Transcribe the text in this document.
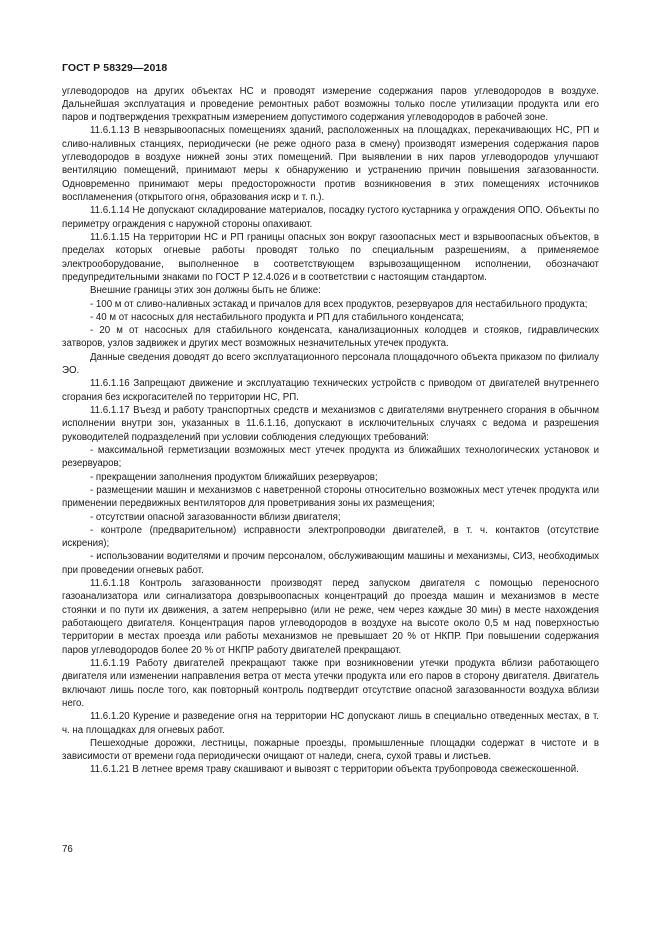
ГОСТ Р 58329—2018

углеводородов на других объектах НС и проводят измерение содержания паров углеводородов в воздухе. Дальнейшая эксплуатация и проведение ремонтных работ возможны только после утилизации продукта или его паров и подтверждения трехкратным измерением допустимого содержания углеводородов в рабочей зоне.

11.6.1.13 В невзрывоопасных помещениях зданий, расположенных на площадках, перекачивающих НС, РП и сливо-наливных станциях, периодически (не реже одного раза в смену) производят измерения содержания паров углеводородов в воздухе нижней зоны этих помещений. При выявлении в них паров углеводородов улучшают вентиляцию помещений, принимают меры к обнаружению и устранению причин повышения загазованности. Одновременно принимают меры предосторожности против возникновения в этих помещениях источников воспламенения (открытого огня, образования искр и т. п.).

11.6.1.14 Не допускают складирование материалов, посадку густого кустарника у ограждения ОПО. Объекты по периметру ограждения с наружной стороны опахивают.

11.6.1.15 На территории НС и РП границы опасных зон вокруг газоопасных мест и взрывоопасных объектов, в пределах которых огневые работы проводят только по специальным разрешениям, а применяемое электрооборудование, выполненное в соответствующем взрывозащищенном исполнении, обозначают предупредительными знаками по ГОСТ Р 12.4.026 и в соответствии с настоящим стандартом.

Внешние границы этих зон должны быть не ближе:

- 100 м от сливо-наливных эстакад и причалов для всех продуктов, резервуаров для нестабильного продукта;

- 40 м от насосных для нестабильного продукта и РП для стабильного конденсата;

- 20 м от насосных для стабильного конденсата, канализационных колодцев и стояков, гидравлических затворов, узлов задвижек и других мест возможных незначительных утечек продукта.

Данные сведения доводят до всего эксплуатационного персонала площадочного объекта приказом по филиалу ЭО.

11.6.1.16 Запрещают движение и эксплуатацию технических устройств с приводом от двигателей внутреннего сгорания без искрогасителей по территории НС, РП.

11.6.1.17 Въезд и работу транспортных средств и механизмов с двигателями внутреннего сгорания в обычном исполнении внутри зон, указанных в 11.6.1.16, допускают в исключительных случаях с ведома и разрешения руководителей подразделений при условии соблюдения следующих требований:

- максимальной герметизации возможных мест утечек продукта из ближайших технологических установок и резервуаров;

- прекращении заполнения продуктом ближайших резервуаров;

- размещении машин и механизмов с наветренной стороны относительно возможных мест утечек продукта или применении передвижных вентиляторов для проветривания зоны их размещения;

- отсутствии опасной загазованности вблизи двигателя;

- контроле (предварительном) исправности электропроводки двигателей, в т. ч. контактов (отсутствие искрения);

- использовании водителями и прочим персоналом, обслуживающим машины и механизмы, СИЗ, необходимых при проведении огневых работ.

11.6.1.18 Контроль загазованности производят перед запуском двигателя с помощью переносного газоанализатора или сигнализатора довзрывоопасных концентраций до проезда машин и механизмов в месте стоянки и по пути их движения, а затем непрерывно (или не реже, чем через каждые 30 мин) в месте нахождения работающего двигателя. Концентрация паров углеводородов в воздухе на высоте около 0,5 м над поверхностью территории в местах проезда или работы механизмов не превышает 20 % от НКПР. При повышении содержания паров углеводородов более 20 % от НКПР работу двигателей прекращают.

11.6.1.19 Работу двигателей прекращают также при возникновении утечки продукта вблизи работающего двигателя или изменении направления ветра от места утечки продукта или его паров в сторону двигателя. Двигатель включают лишь после того, как повторный контроль подтвердит отсутствие опасной загазованности воздуха вблизи него.

11.6.1.20 Курение и разведение огня на территории НС допускают лишь в специально отведенных местах, в т. ч. на площадках для огневых работ.

Пешеходные дорожки, лестницы, пожарные проезды, промышленные площадки содержат в чистоте и в зависимости от времени года периодически очищают от наледи, снега, сухой травы и листьев.

11.6.1.21 В летнее время траву скашивают и вывозят с территории объекта трубопровода свежескошенной.

76
